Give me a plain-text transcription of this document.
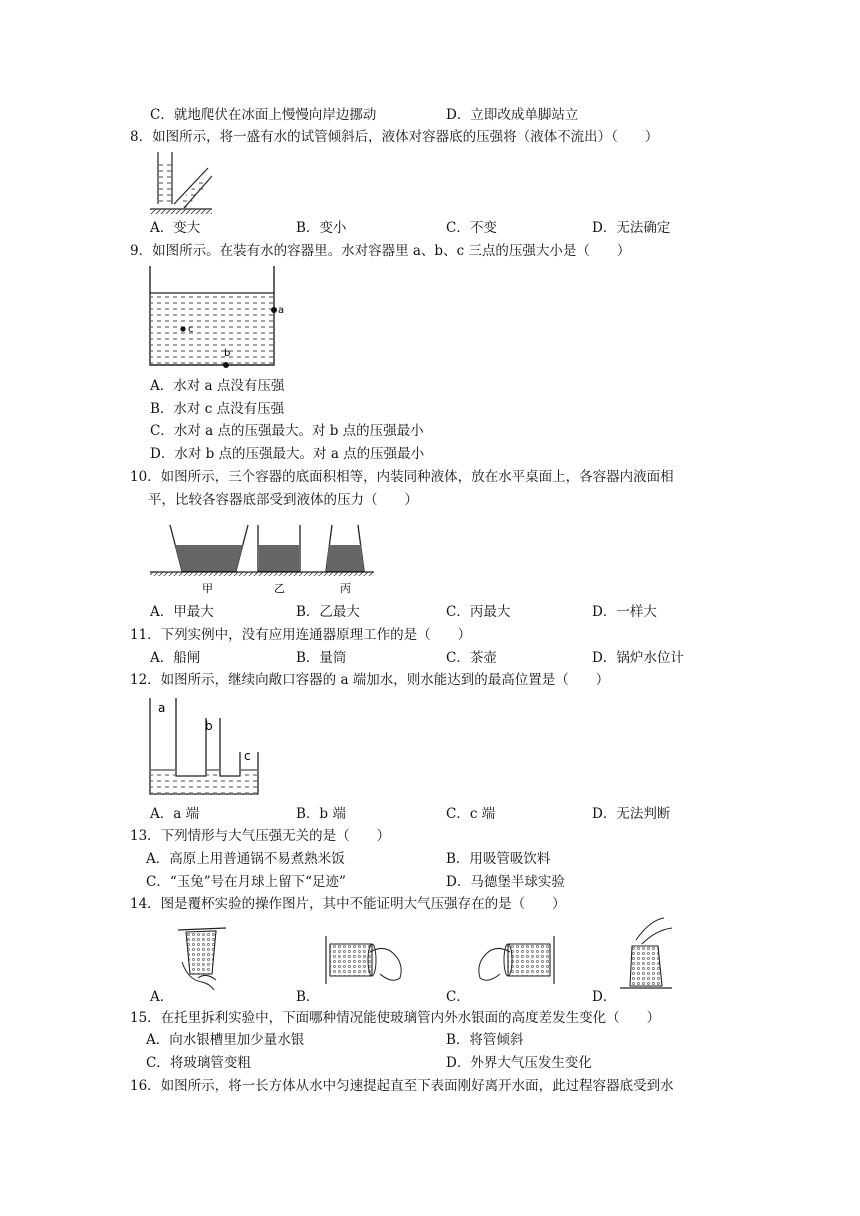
C．就地爬伏在冰面上慢慢向岸边挪动	D．立即改成单脚站立
8．如图所示，将一盛有水的试管倾斜后，液体对容器底的压强将（液体不流出）（　　）
A．变大	B．变小	C．不变	D．无法确定
9．如图所示。在装有水的容器里。水对容器里 a、b、c 三点的压强大小是（　　）
a
c
b
A．水对 a 点没有压强
B．水对 c 点没有压强
C．水对 a 点的压强最大。对 b 点的压强最小
D．水对 b 点的压强最大。对 a 点的压强最小
10．如图所示，三个容器的底面积相等，内装同种液体，放在水平桌面上，各容器内液面相
平，比较各容器底部受到液体的压力（　　）
甲	乙	丙
A．甲最大	B．乙最大	C．丙最大	D．一样大
11．下列实例中，没有应用连通器原理工作的是（　　）
A．船闸	B．量筒	C．茶壶	D．锅炉水位计
12．如图所示，继续向敞口容器的 a 端加水，则水能达到的最高位置是（　　）
a
b
c
A．a 端	B．b 端	C．c 端	D．无法判断
13．下列情形与大气压强无关的是（　　）
A．高原上用普通锅不易煮熟米饭	B．用吸管吸饮料
C．“玉兔”号在月球上留下“足迹”	D．马德堡半球实验
14．图是覆杯实验的操作图片，其中不能证明大气压强存在的是（　　）
A．	B．	C．	D．
15．在托里拆利实验中，下面哪种情况能使玻璃管内外水银面的高度差发生变化（　　）
A．向水银槽里加少量水银	B．将管倾斜
C．将玻璃管变粗	D．外界大气压发生变化
16．如图所示，将一长方体从水中匀速提起直至下表面刚好离开水面，此过程容器底受到水
